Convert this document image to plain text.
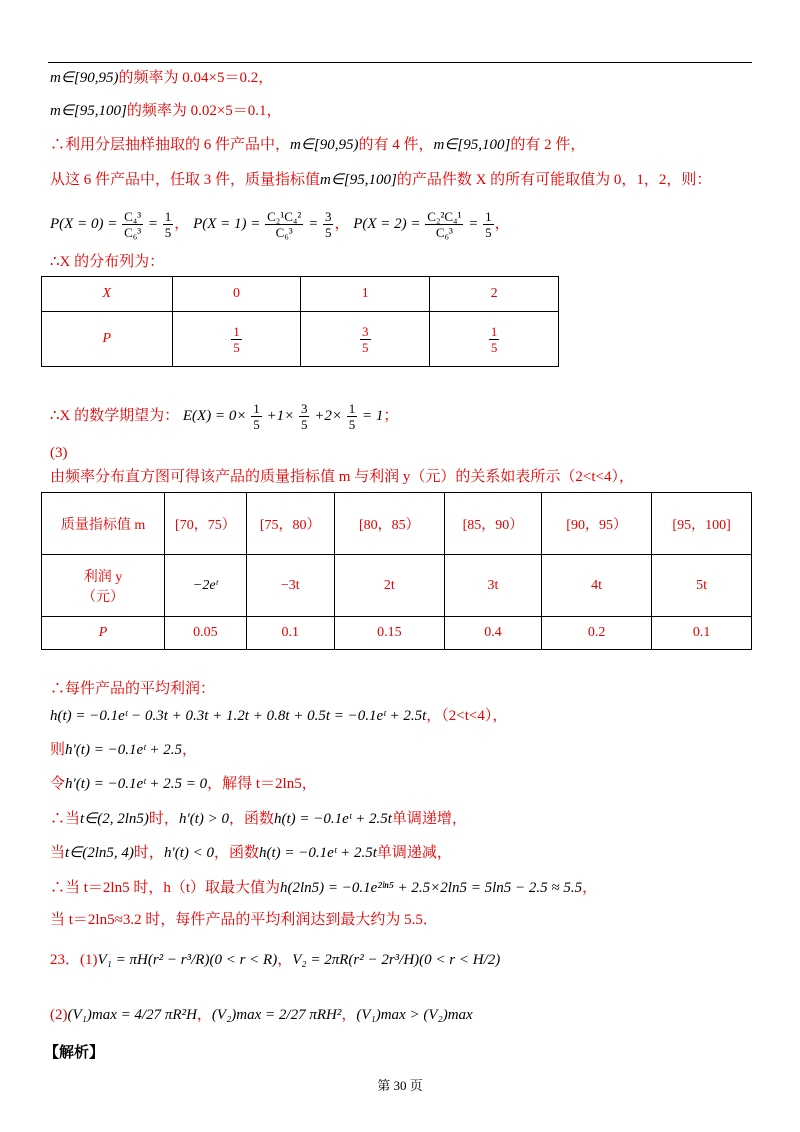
m∈[90,95)的频率为 0.04×5＝0.2，
m∈[95,100]的频率为 0.02×5＝0.1，
∴利用分层抽样抽取的 6 件产品中，m∈[90,95)的有 4 件，m∈[95,100]的有 2 件，
从这 6 件产品中，任取 3 件，质量指标值m∈[95,100]的产品件数 X 的所有可能取值为 0，1，2，则：
$P(X = 0) = \frac{\text{C₄³}}{\text{C₆³}} = \frac{1}{5}$ ， $P(X = 1) = \frac{\text{C₂¹C₄²}}{\text{C₆³}} = \frac{3}{5}$ ， $P(X = 2) = \frac{\text{C₂²C₄¹}}{\text{C₆³}} = \frac{1}{5}$ ，
∴X 的分布列为：
X	0	1	2
P	$\frac{1}{5}$	$\frac{3}{5}$	$\frac{1}{5}$
∴X 的数学期望为： $E(X) = 0\times \frac{1}{5} +1\times \frac{3}{5} +2\times \frac{1}{5} = 1$；
(3)
由频率分布直方图可得该产品的质量指标值 m 与利润 y（元）的关系如表所示（2<t<4），
质量指标值 m	[70，75）	[75，80）	[80，85）	[85，90）	[90，95）	[95，100]

利润 y
（元）	−2eᵗ	−3t	2t	3t	4t	5t
P	0.05	0.1	0.15	0.4	0.2	0.1
∴每件产品的平均利润：
h(t) = −0.1eᵗ − 0.3t + 0.3t + 1.2t + 0.8t + 0.5t = −0.1eᵗ + 2.5t，（2<t<4），
则h′(t) = −0.1eᵗ + 2.5，
令h′(t) = −0.1eᵗ + 2.5 = 0，解得 t＝2ln5，
∴当t∈(2, 2ln5)时，h′(t) > 0，函数h(t) = −0.1eᵗ + 2.5t单调递增，
当t∈(2ln5, 4)时，h′(t) < 0，函数h(t) = −0.1eᵗ + 2.5t单调递减，
∴当 t＝2ln5 时，h（t）取最大值为h(2ln5) = −0.1e²ˡⁿ⁵ + 2.5×2ln5 = 5ln5 − 2.5 ≈ 5.5，
当 t＝2ln5≈3.2 时，每件产品的平均利润达到最大约为 5.5．
23．(1)V₁ = πH(r² − r³/R)(0 < r < R)，V₂ = 2πR(r² − 2r³/H)(0 < r < H/2)
(2)(V₁)max = 4/27 πR²H，(V₂)max = 2/27 πRH²，(V₁)max > (V₂)max
【解析】
第 30 页
